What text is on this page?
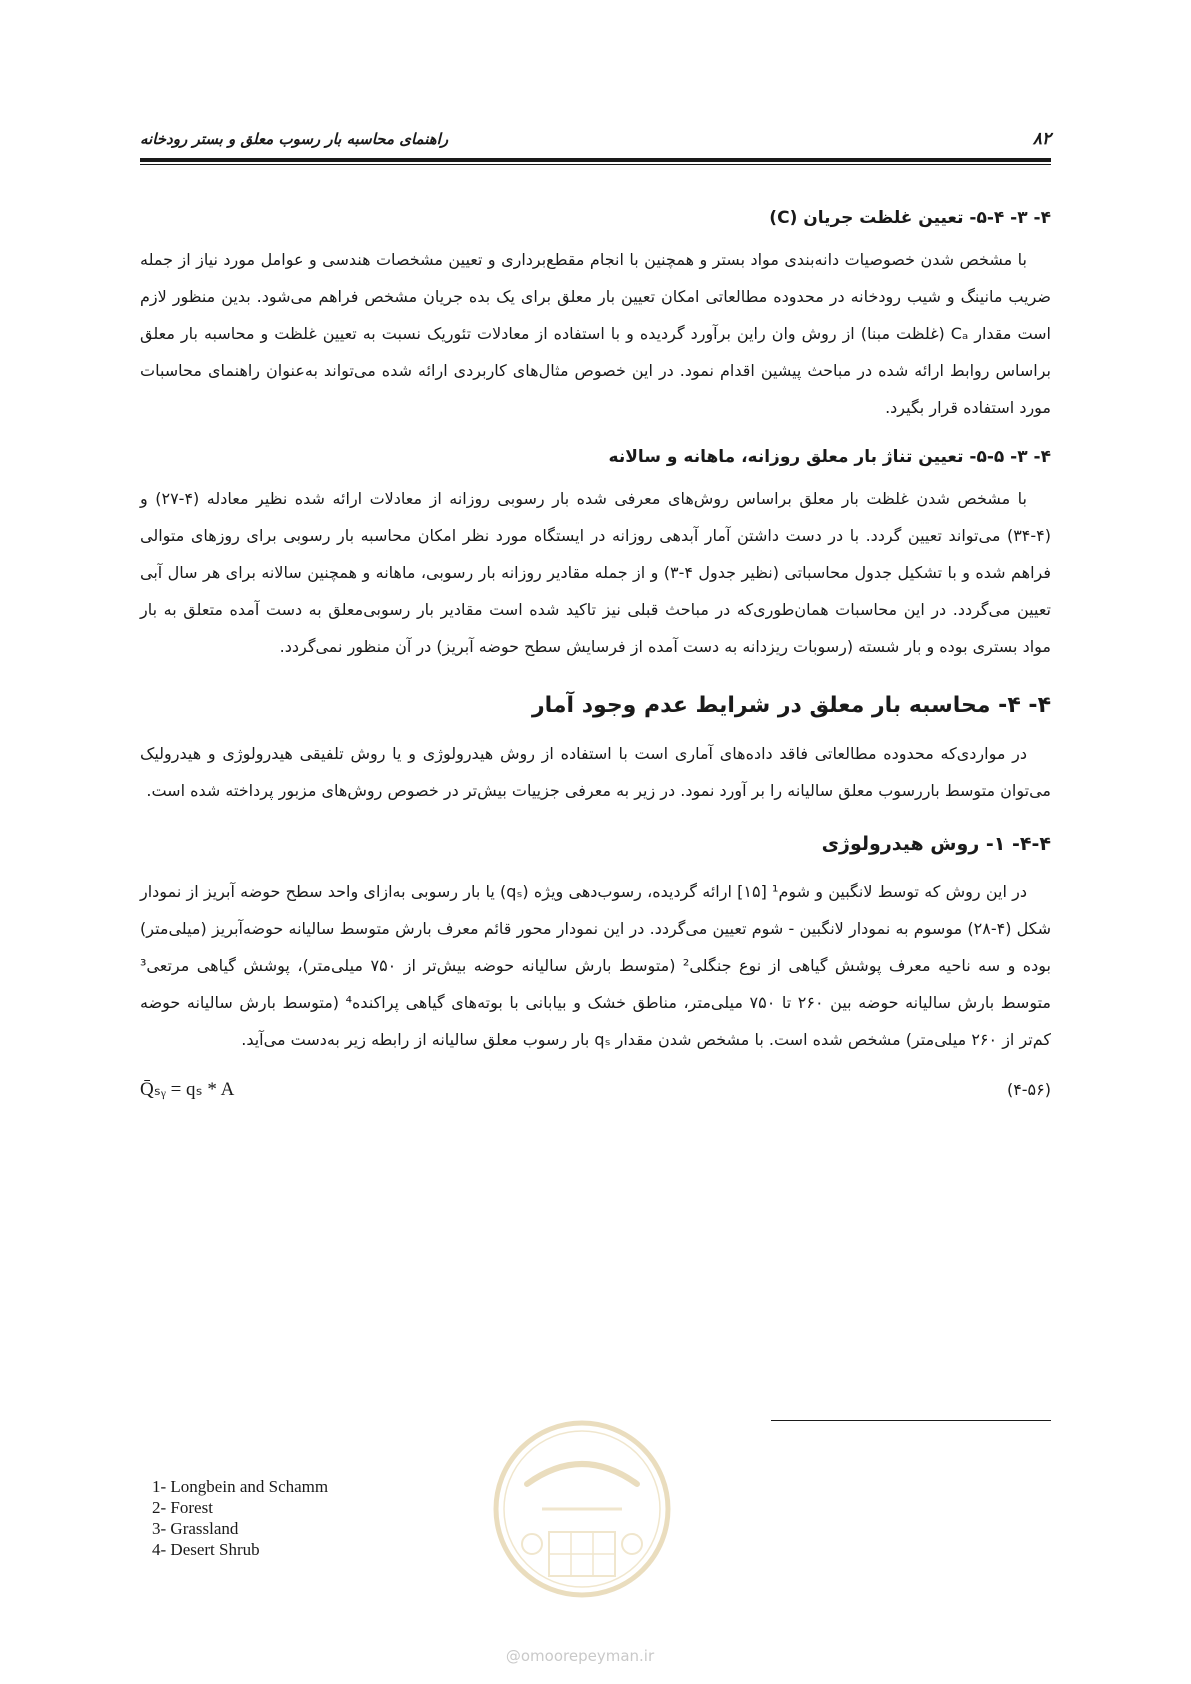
۸۲
راهنمای محاسبه بار رسوب معلق و بستر رودخانه
۴- ۳- ۵-۴- تعیین غلظت جریان (C)

با مشخص شدن خصوصیات دانه‌بندی مواد بستر و همچنین با انجام مقطع‌برداری و تعیین مشخصات هندسی و عوامل مورد نیاز از جمله ضریب مانینگ و شیب رودخانه در محدوده مطالعاتی امکان تعیین بار معلق برای یک بده جریان مشخص فراهم می‌شود. بدین منظور لازم است مقدار Cₐ (غلظت مبنا) از روش وان راین برآورد گردیده و با استفاده از معادلات تئوریک نسبت به تعیین غلظت و محاسبه بار معلق براساس روابط ارائه شده در مباحث پیشین اقدام نمود. در این خصوص مثال‌های کاربردی ارائه شده می‌تواند به‌عنوان راهنمای محاسبات مورد استفاده قرار بگیرد.

۴- ۳- ۵-۵- تعیین تناژ بار معلق روزانه، ماهانه و سالانه

با مشخص شدن غلظت بار معلق براساس روش‌های معرفی شده بار رسوبی روزانه از معادلات ارائه شده نظیر معادله (۴-۲۷) و (۴-۳۴) می‌تواند تعیین گردد. با در دست داشتن آمار آبدهی روزانه در ایستگاه مورد نظر امکان محاسبه بار رسوبی برای روزهای متوالی فراهم شده و با تشکیل جدول محاسباتی (نظیر جدول ۴-۳) و از جمله مقادیر روزانه بار رسوبی، ماهانه و همچنین سالانه برای هر سال آبی تعیین می‌گردد. در این محاسبات همان‌طوری‌که در مباحث قبلی نیز تاکید شده است مقادیر بار رسوبی‌معلق به دست آمده متعلق به بار مواد بستری بوده و بار شسته (رسوبات ریزدانه به دست آمده از فرسایش سطح حوضه آبریز) در آن منظور نمی‌گردد.

۴- ۴- محاسبه بار معلق در شرایط عدم وجود آمار

در مواردی‌که محدوده مطالعاتی فاقد داده‌های آماری است با استفاده از روش هیدرولوژی و یا روش تلفیقی هیدرولوژی و هیدرولیک می‌توان متوسط باررسوب معلق سالیانه را بر آورد نمود. در زیر به معرفی جزییات بیش‌تر در خصوص روش‌های مزبور پرداخته شده است.

۴-۴- ۱- روش هیدرولوژی

در این روش که توسط لانگبین و شوم¹ [۱۵] ارائه گردیده، رسوب‌دهی ویژه (qₛ) یا بار رسوبی به‌ازای واحد سطح حوضه آبریز از نمودار شکل (۴-۲۸) موسوم به نمودار لانگبین - شوم تعیین می‌گردد. در این نمودار محور قائم معرف بارش متوسط سالیانه حوضه‌آبریز (میلی‌متر) بوده و سه ناحیه معرف پوشش گیاهی از نوع جنگلی² (متوسط بارش سالیانه حوضه بیش‌تر از ۷۵۰ میلی‌متر)، پوشش گیاهی مرتعی³ متوسط بارش سالیانه حوضه بین ۲۶۰ تا ۷۵۰ میلی‌متر، مناطق خشک و بیابانی با بوته‌های گیاهی پراکنده⁴ (متوسط بارش سالیانه حوضه کم‌تر از ۲۶۰ میلی‌متر) مشخص شده است. با مشخص شدن مقدار qₛ بار رسوب معلق سالیانه از رابطه زیر به‌دست می‌آید.

(۴-۵۶)
Q̄ₛᵧ = qₛ * A
@omoorepeyman.ir
1- Longbein and Schamm
2- Forest
3- Grassland
4- Desert Shrub
